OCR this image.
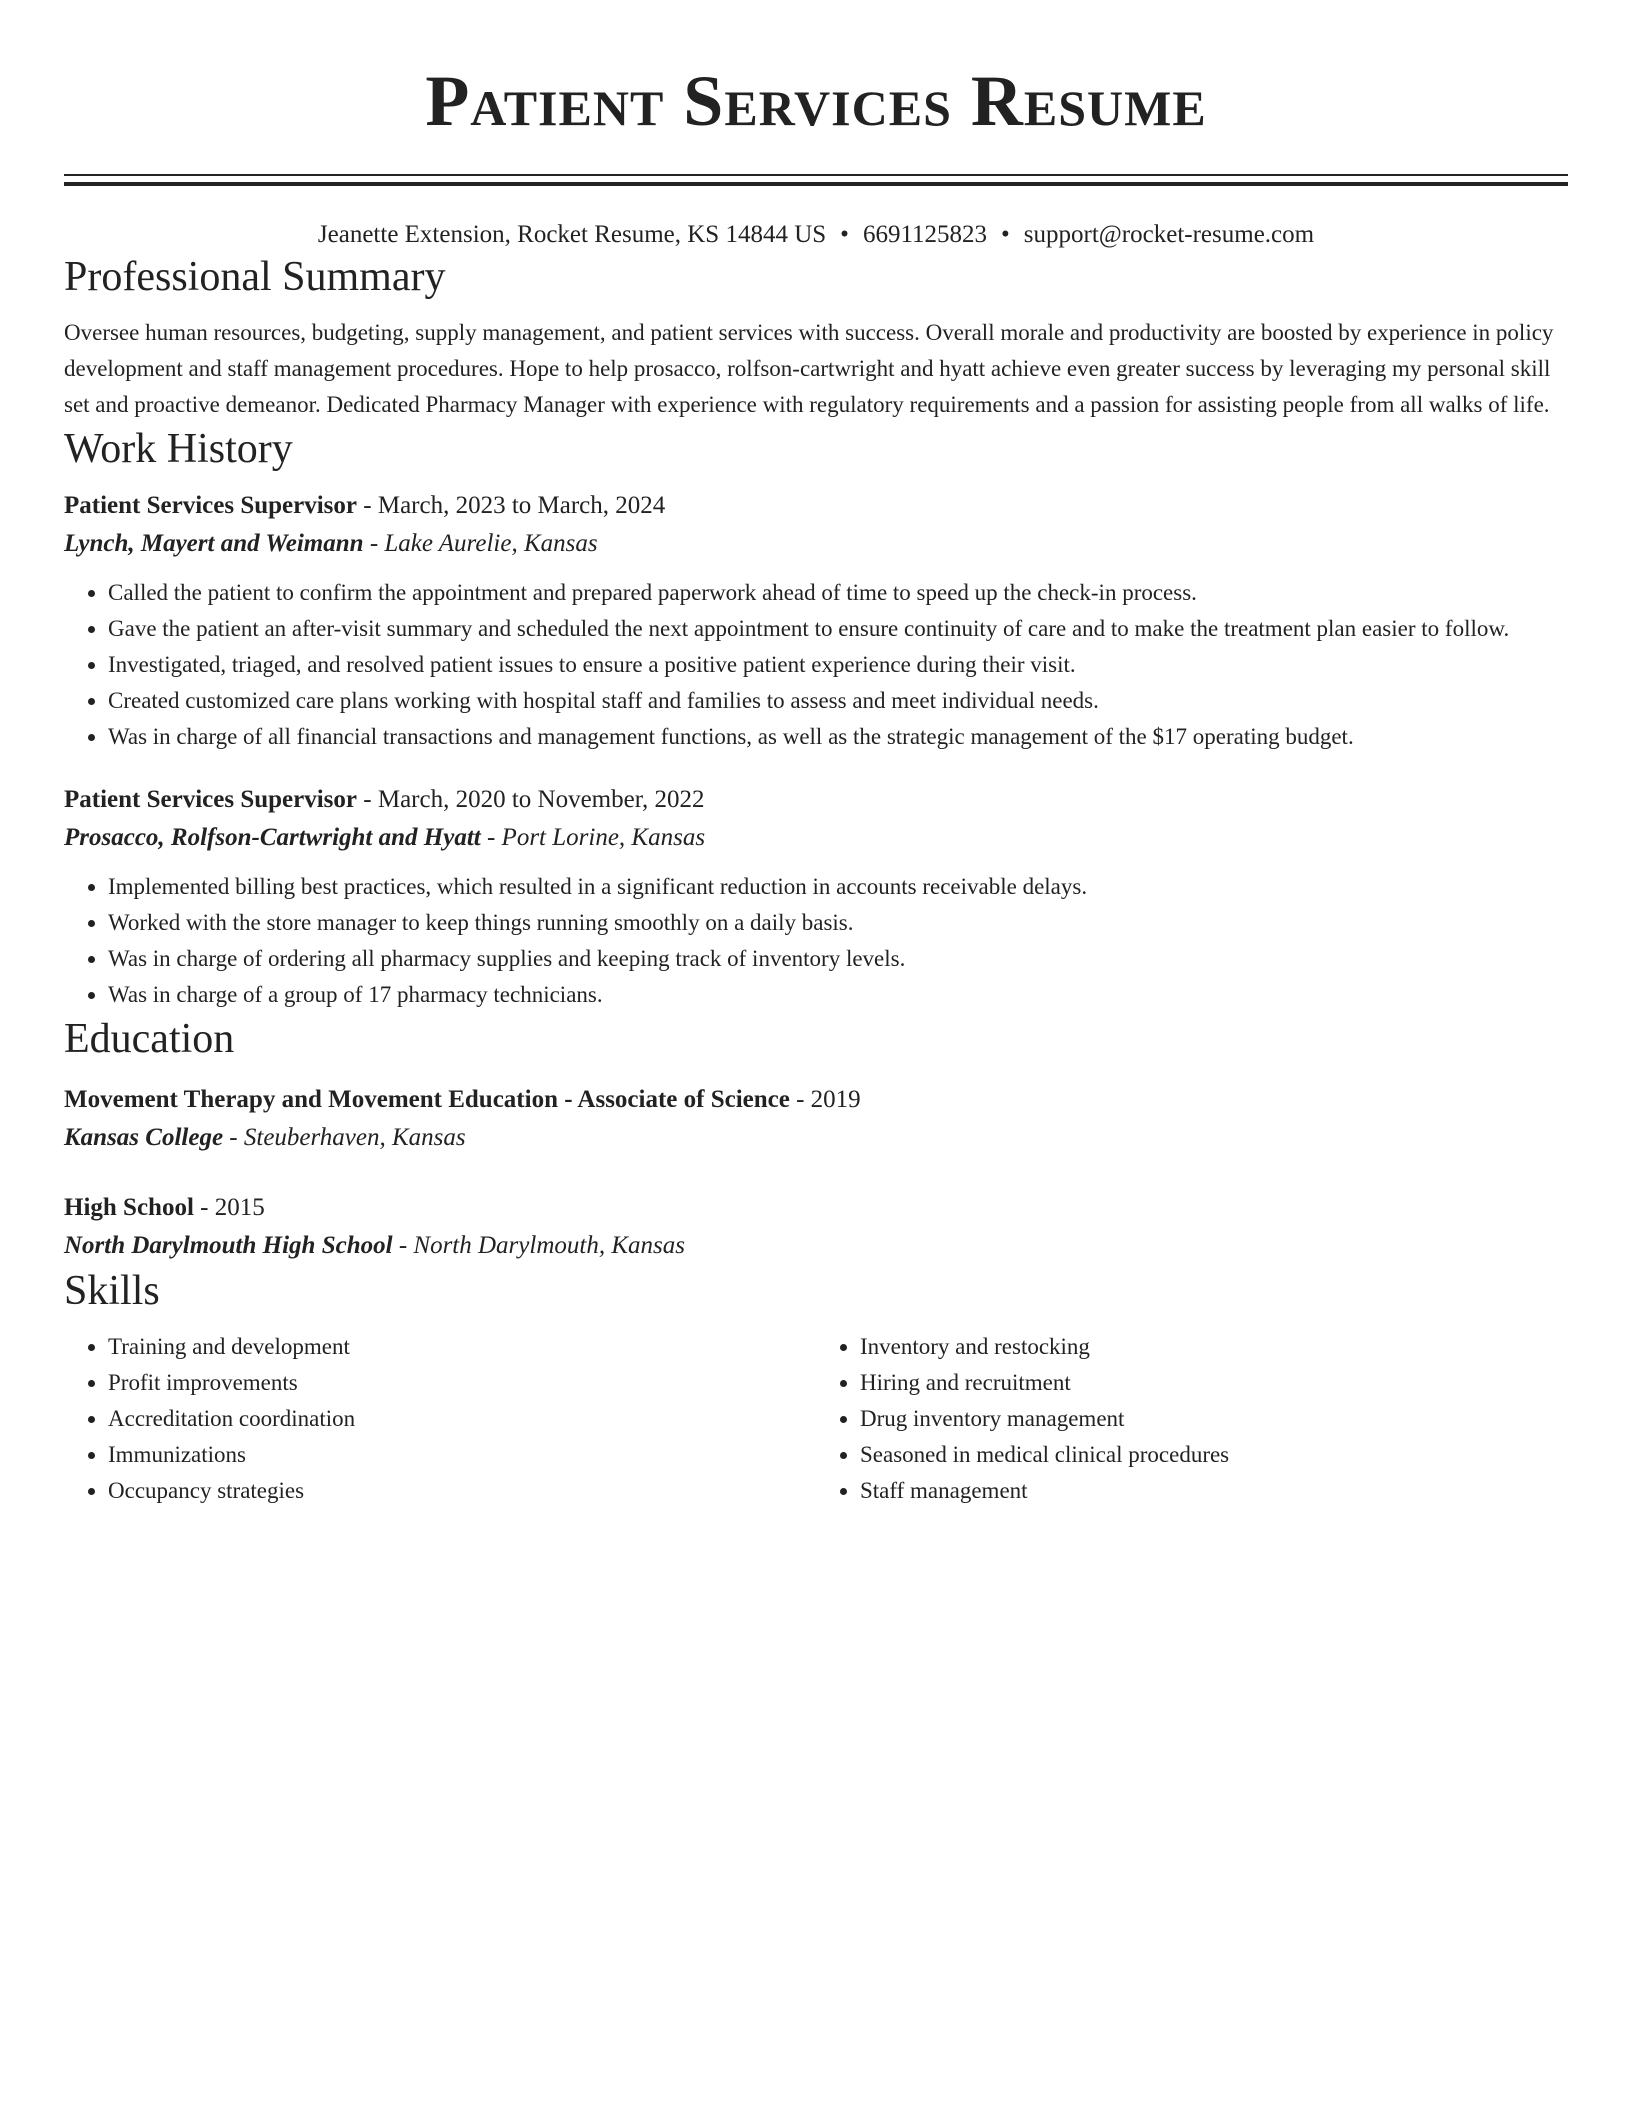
Patient Services Resume
Jeanette Extension, Rocket Resume, KS 14844 US • 6691125823 • support@rocket-resume.com
Professional Summary
Oversee human resources, budgeting, supply management, and patient services with success. Overall morale and productivity are boosted by experience in policy development and staff management procedures. Hope to help prosacco, rolfson-cartwright and hyatt achieve even greater success by leveraging my personal skill set and proactive demeanor. Dedicated Pharmacy Manager with experience with regulatory requirements and a passion for assisting people from all walks of life.
Work History
Patient Services Supervisor - March, 2023 to March, 2024
Lynch, Mayert and Weimann - Lake Aurelie, Kansas
• Called the patient to confirm the appointment and prepared paperwork ahead of time to speed up the check-in process.
• Gave the patient an after-visit summary and scheduled the next appointment to ensure continuity of care and to make the treatment plan easier to follow.
• Investigated, triaged, and resolved patient issues to ensure a positive patient experience during their visit.
• Created customized care plans working with hospital staff and families to assess and meet individual needs.
• Was in charge of all financial transactions and management functions, as well as the strategic management of the $17 operating budget.
Patient Services Supervisor - March, 2020 to November, 2022
Prosacco, Rolfson-Cartwright and Hyatt - Port Lorine, Kansas
• Implemented billing best practices, which resulted in a significant reduction in accounts receivable delays.
• Worked with the store manager to keep things running smoothly on a daily basis.
• Was in charge of ordering all pharmacy supplies and keeping track of inventory levels.
• Was in charge of a group of 17 pharmacy technicians.
Education
Movement Therapy and Movement Education - Associate of Science - 2019
Kansas College - Steuberhaven, Kansas
High School - 2015
North Darylmouth High School - North Darylmouth, Kansas
Skills
• Training and development
• Profit improvements
• Accreditation coordination
• Immunizations
• Occupancy strategies
• Inventory and restocking
• Hiring and recruitment
• Drug inventory management
• Seasoned in medical clinical procedures
• Staff management
